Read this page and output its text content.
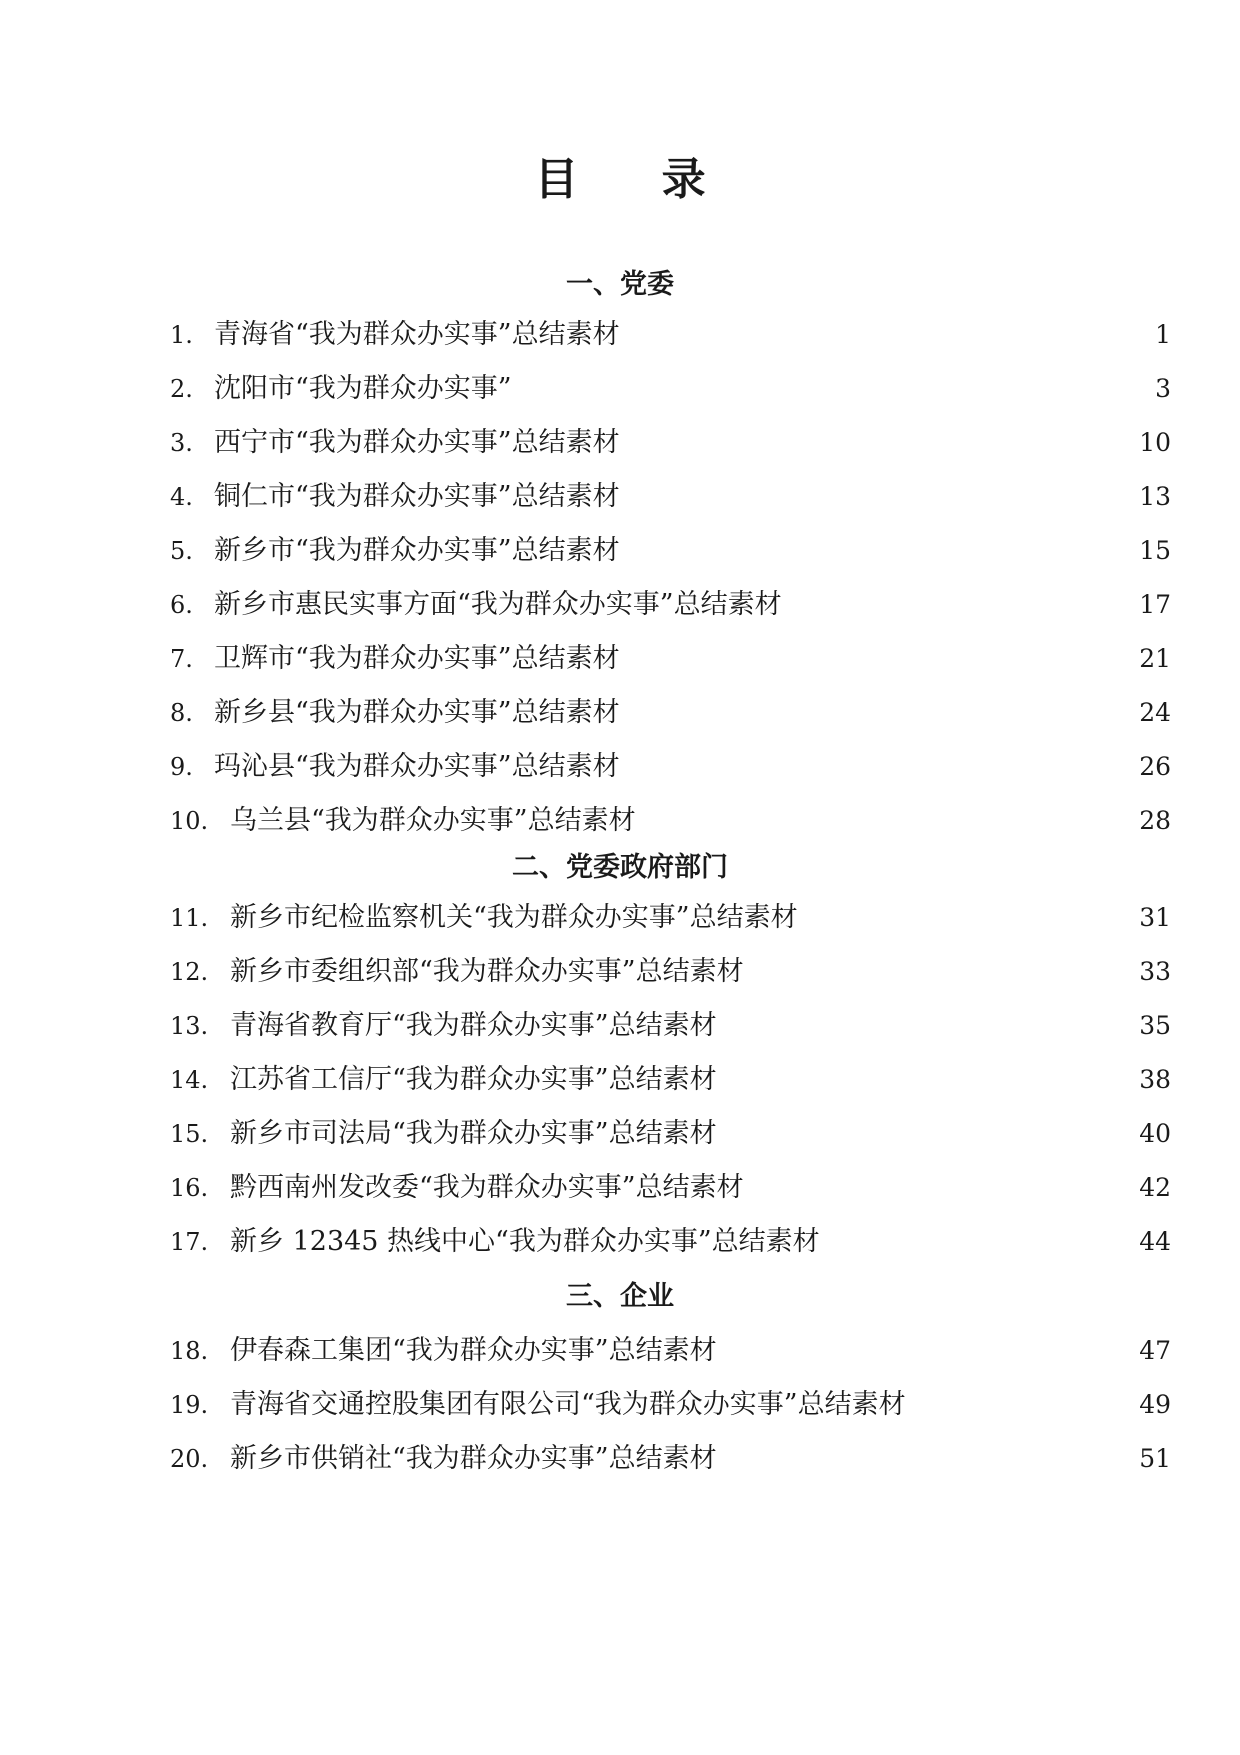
目 录
一、党委
1. 青海省“我为群众办实事”总结素材	1
2. 沈阳市“我为群众办实事”	3
3. 西宁市“我为群众办实事”总结素材	10
4. 铜仁市“我为群众办实事”总结素材	13
5. 新乡市“我为群众办实事”总结素材	15
6. 新乡市惠民实事方面“我为群众办实事”总结素材	17
7. 卫辉市“我为群众办实事”总结素材	21
8. 新乡县“我为群众办实事”总结素材	24
9. 玛沁县“我为群众办实事”总结素材	26
10. 乌兰县“我为群众办实事”总结素材	28
二、党委政府部门
11. 新乡市纪检监察机关“我为群众办实事”总结素材	31
12. 新乡市委组织部“我为群众办实事”总结素材	33
13. 青海省教育厅“我为群众办实事”总结素材	35
14. 江苏省工信厅“我为群众办实事”总结素材	38
15. 新乡市司法局“我为群众办实事”总结素材	40
16. 黔西南州发改委“我为群众办实事”总结素材	42
17. 新乡 12345 热线中心“我为群众办实事”总结素材	44
三、企业
18. 伊春森工集团“我为群众办实事”总结素材	47
19. 青海省交通控股集团有限公司“我为群众办实事”总结素材	49
20. 新乡市供销社“我为群众办实事”总结素材	51
